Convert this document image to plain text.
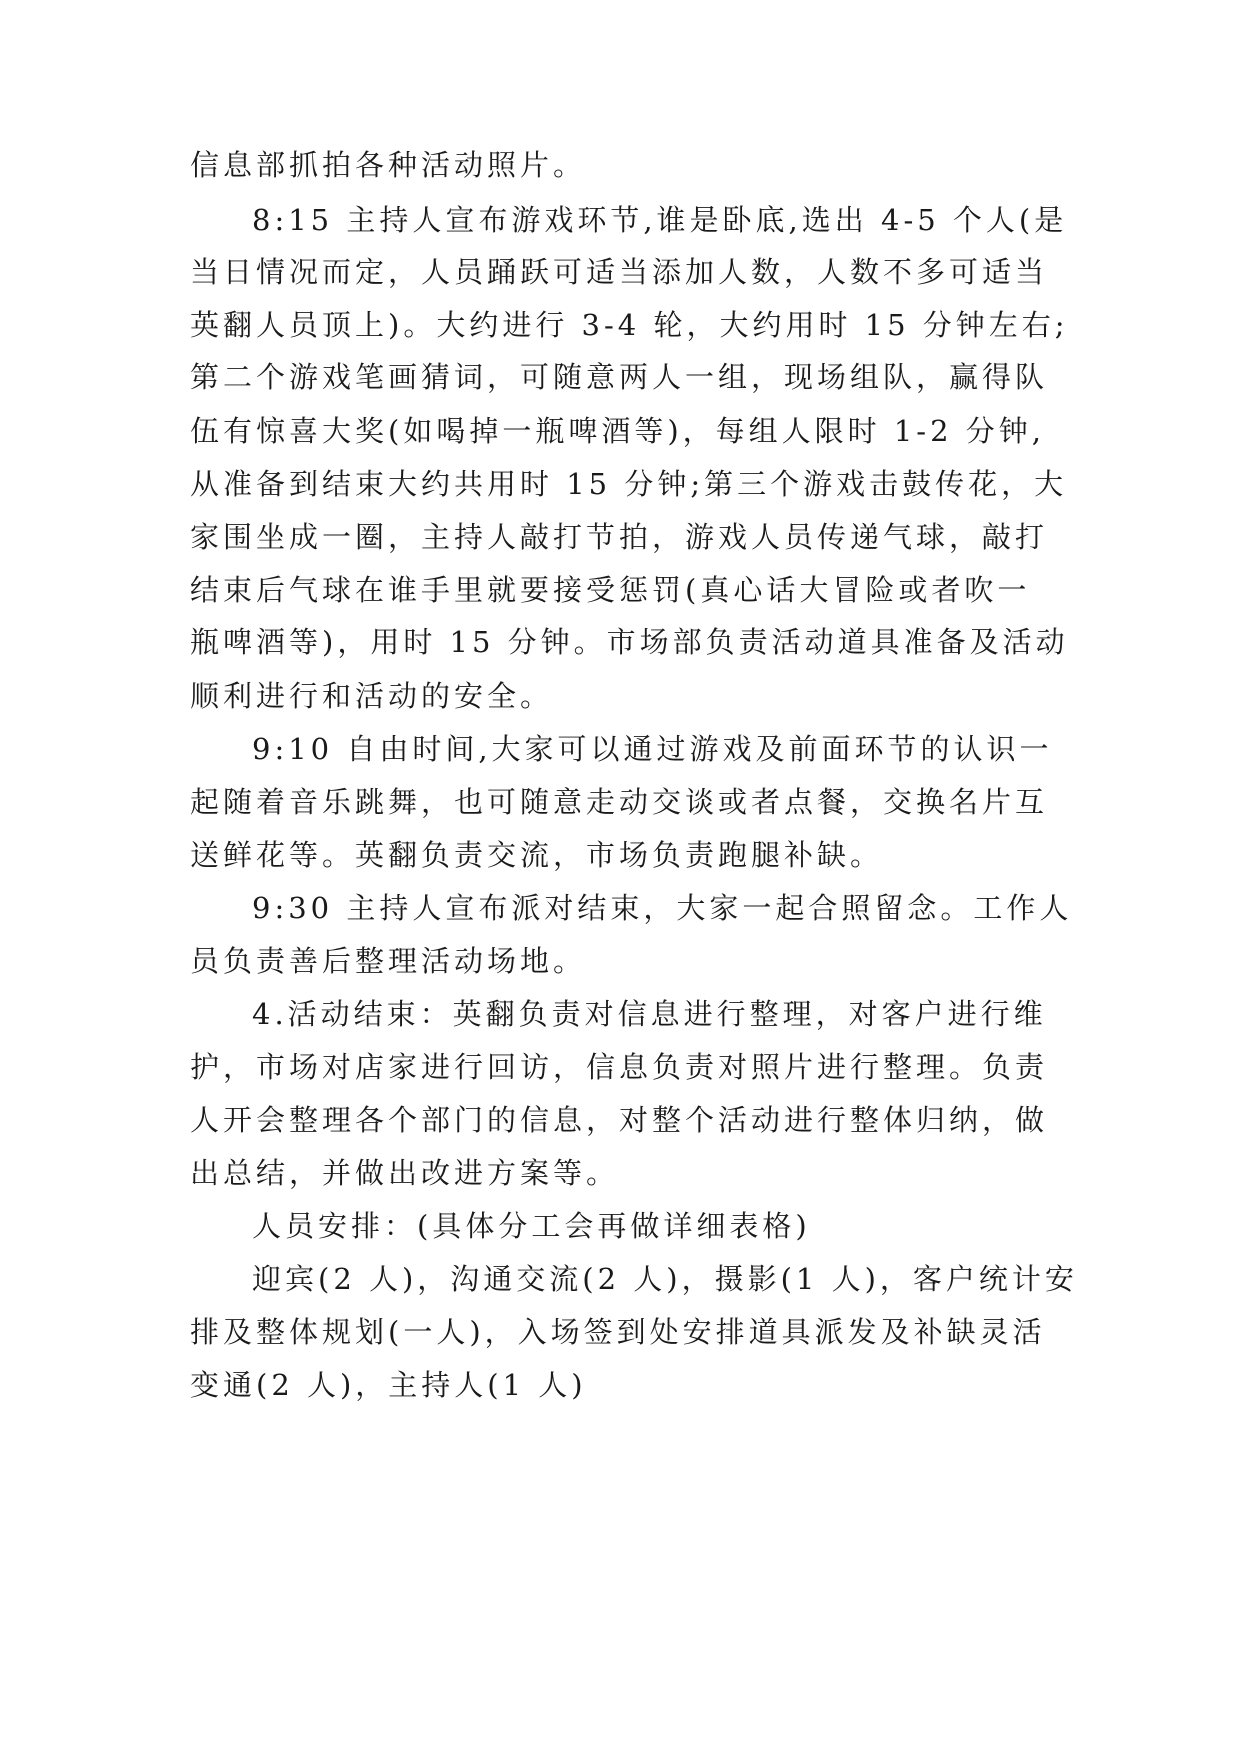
信息部抓拍各种活动照片。
8:15 主持人宣布游戏环节,谁是卧底,选出 4-5 个人(是
当日情况而定，人员踊跃可适当添加人数，人数不多可适当
英翻人员顶上)。大约进行 3-4 轮，大约用时 15 分钟左右;
第二个游戏笔画猜词，可随意两人一组，现场组队，赢得队
伍有惊喜大奖(如喝掉一瓶啤酒等)，每组人限时 1-2 分钟,
从准备到结束大约共用时 15 分钟;第三个游戏击鼓传花，大
家围坐成一圈，主持人敲打节拍，游戏人员传递气球，敲打
结束后气球在谁手里就要接受惩罚(真心话大冒险或者吹一
瓶啤酒等)，用时 15 分钟。市场部负责活动道具准备及活动
顺利进行和活动的安全。
9:10 自由时间,大家可以通过游戏及前面环节的认识一
起随着音乐跳舞，也可随意走动交谈或者点餐，交换名片互
送鲜花等。英翻负责交流，市场负责跑腿补缺。
9:30 主持人宣布派对结束，大家一起合照留念。工作人
员负责善后整理活动场地。
4.活动结束：英翻负责对信息进行整理，对客户进行维
护，市场对店家进行回访，信息负责对照片进行整理。负责
人开会整理各个部门的信息，对整个活动进行整体归纳，做
出总结，并做出改进方案等。
人员安排：(具体分工会再做详细表格)
迎宾(2 人)，沟通交流(2 人)，摄影(1 人)，客户统计安
排及整体规划(一人)，入场签到处安排道具派发及补缺灵活
变通(2 人)，主持人(1 人)
